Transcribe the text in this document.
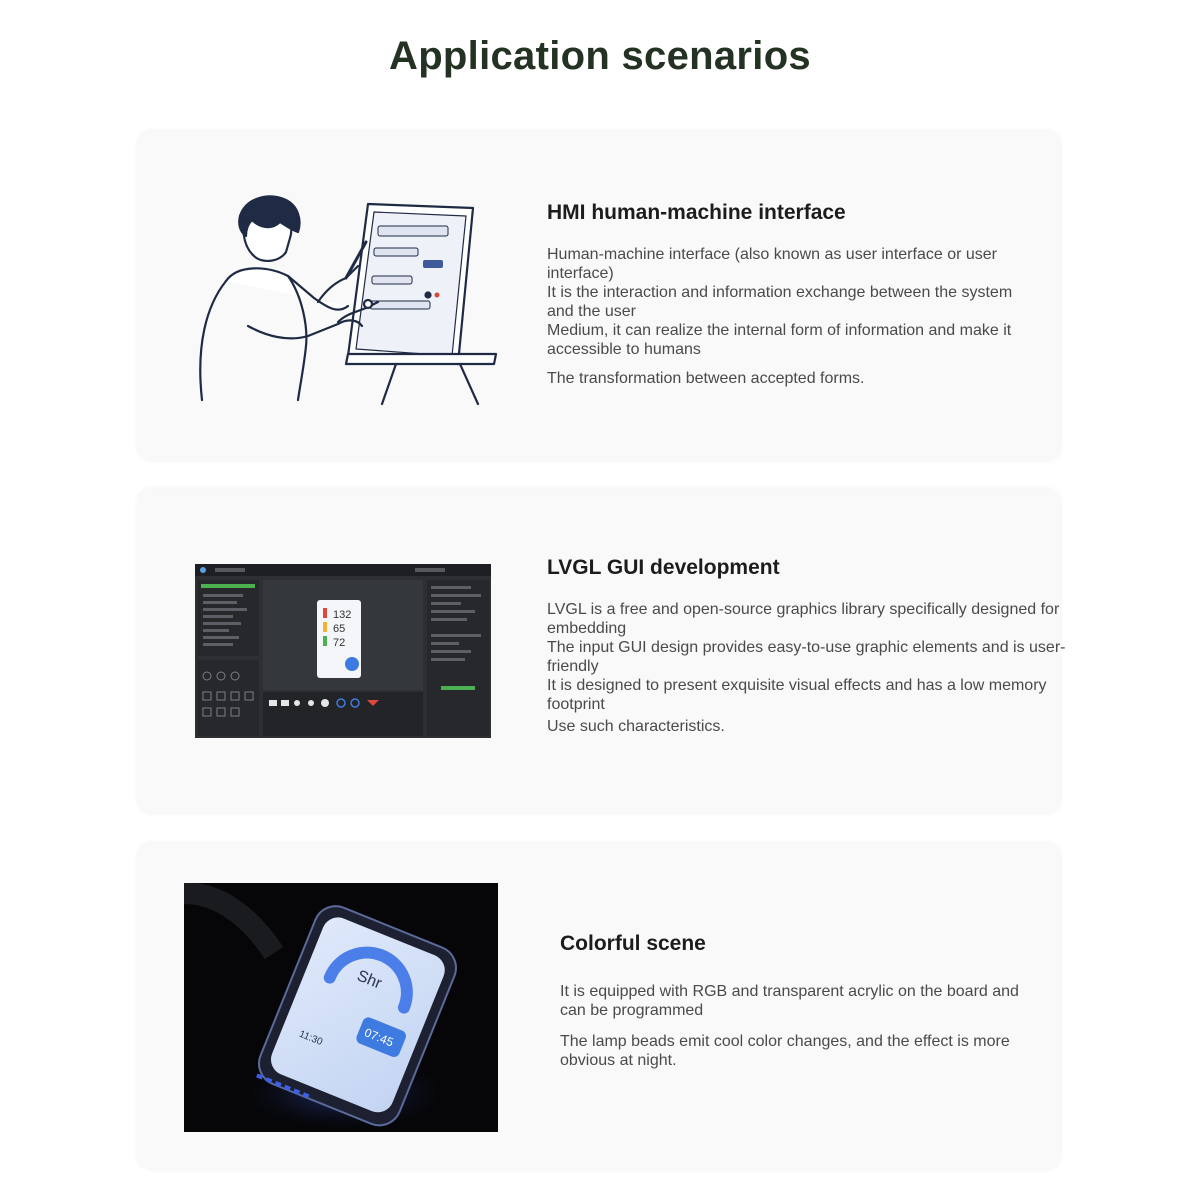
Application scenarios
HMI human-machine interface

Human-machine interface (also known as user interface or user interface)

It is the interaction and information exchange between the system and the user

Medium, it can realize the internal form of information and make it accessible to humans

The transformation between accepted forms.

132
65
72
LVGL GUI development

LVGL is a free and open-source graphics library specifically designed for embedding

The input GUI design provides easy-to-use graphic elements and is user-friendly

It is designed to present exquisite visual effects and has a low memory footprint

Use such characteristics.

Shr
07:45
11:30
Colorful scene

It is equipped with RGB and transparent acrylic on the board and can be programmed

The lamp beads emit cool color changes, and the effect is more obvious at night.
